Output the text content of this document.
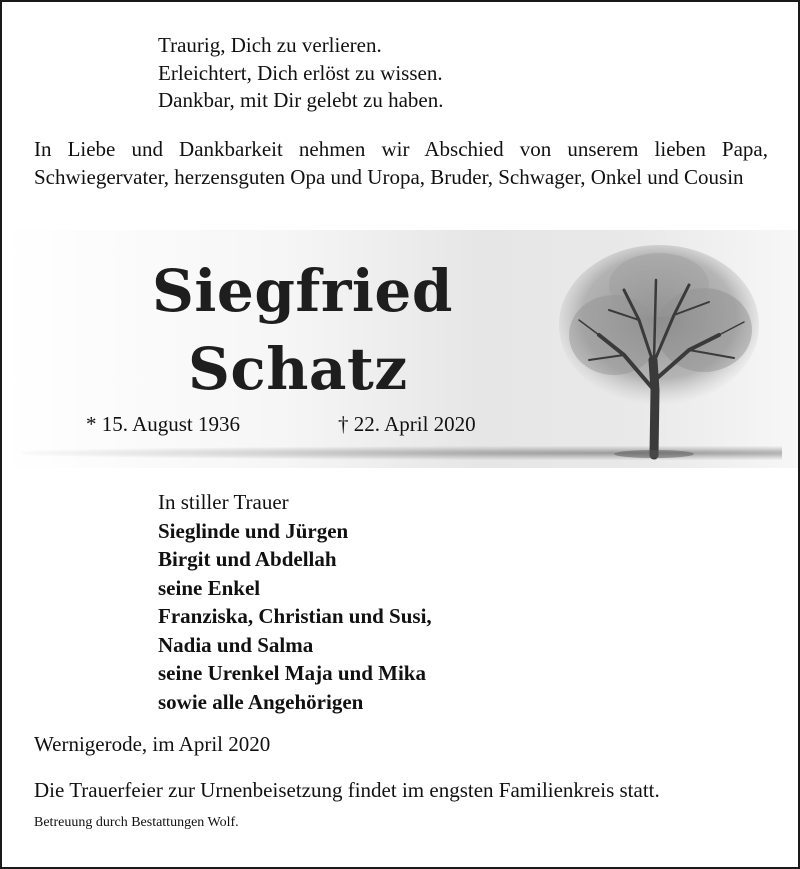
Traurig, Dich zu verlieren.
Erleichtert, Dich erlöst zu wissen.
Dankbar, mit Dir gelebt zu haben.
In Liebe und Dankbarkeit nehmen wir Abschied von unserem lieben Papa, Schwiegervater, herzensguten Opa und Uropa, Bruder, Schwager, Onkel und Cousin
Siegfried
Schatz
* 15. August 1936	† 22. April 2020
In stiller Trauer
Sieglinde und Jürgen
Birgit und Abdellah
seine Enkel
Franziska, Christian und Susi,
Nadia und Salma
seine Urenkel Maja und Mika
sowie alle Angehörigen
Wernigerode, im April 2020
Die Trauerfeier zur Urnenbeisetzung findet im engsten Familienkreis statt.
Betreuung durch Bestattungen Wolf.
